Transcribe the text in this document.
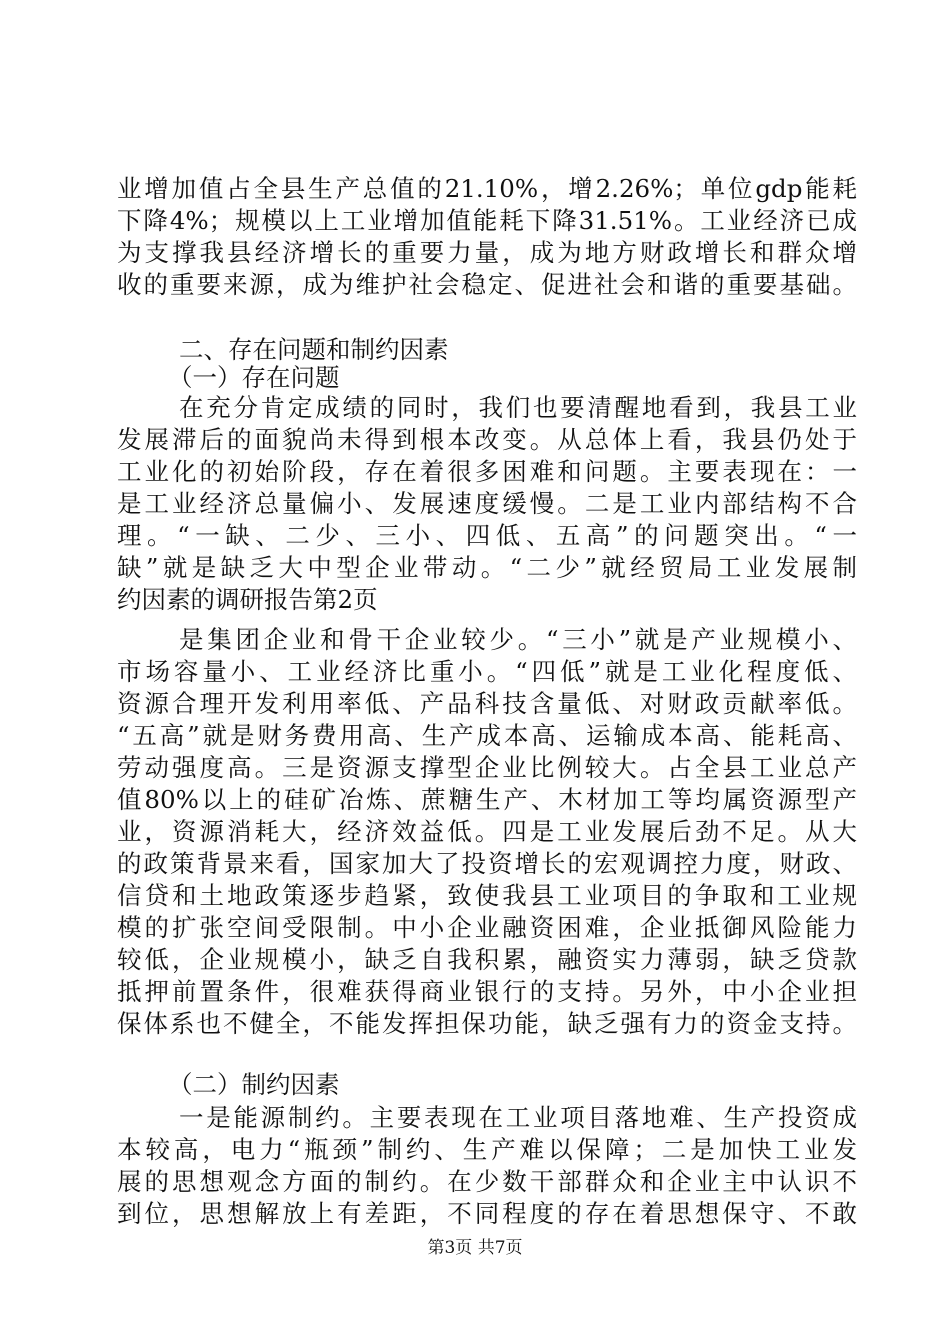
业增加值占全县生产总值的21.10%，增2.26%；单位gdp能耗
下降4%；规模以上工业增加值能耗下降31.51%。工业经济已成
为支撑我县经济增长的重要力量，成为地方财政增长和群众增
收的重要来源，成为维护社会稳定、促进社会和谐的重要基础。
二、存在问题和制约因素
（一）存在问题
在充分肯定成绩的同时，我们也要清醒地看到，我县工业
发展滞后的面貌尚未得到根本改变。从总体上看，我县仍处于
工业化的初始阶段，存在着很多困难和问题。主要表现在：一
是工业经济总量偏小、发展速度缓慢。二是工业内部结构不合
理。“一缺、二少、三小、四低、五高”的问题突出。“一
缺”就是缺乏大中型企业带动。“二少”就经贸局工业发展制
约因素的调研报告第2页
是集团企业和骨干企业较少。“三小”就是产业规模小、
市场容量小、工业经济比重小。“四低”就是工业化程度低、
资源合理开发利用率低、产品科技含量低、对财政贡献率低。
“五高”就是财务费用高、生产成本高、运输成本高、能耗高、
劳动强度高。三是资源支撑型企业比例较大。占全县工业总产
值80%以上的硅矿冶炼、蔗糖生产、木材加工等均属资源型产
业，资源消耗大，经济效益低。四是工业发展后劲不足。从大
的政策背景来看，国家加大了投资增长的宏观调控力度，财政、
信贷和土地政策逐步趋紧，致使我县工业项目的争取和工业规
模的扩张空间受限制。中小企业融资困难，企业抵御风险能力
较低，企业规模小，缺乏自我积累，融资实力薄弱，缺乏贷款
抵押前置条件，很难获得商业银行的支持。另外，中小企业担
保体系也不健全，不能发挥担保功能，缺乏强有力的资金支持。
（二）制约因素
一是能源制约。主要表现在工业项目落地难、生产投资成
本较高，电力“瓶颈”制约、生产难以保障；二是加快工业发
展的思想观念方面的制约。在少数干部群众和企业主中认识不
到位，思想解放上有差距，不同程度的存在着思想保守、不敢
第3页 共7页
